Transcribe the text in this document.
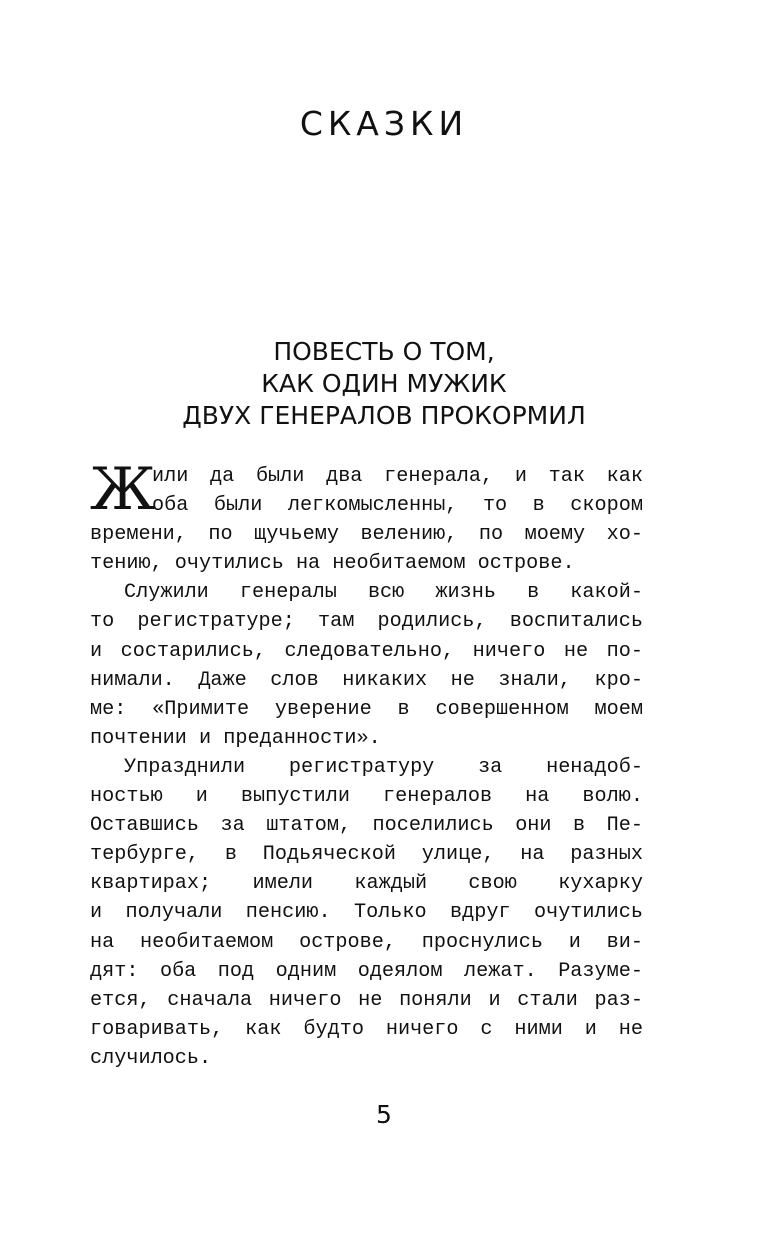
СКАЗКИ
ПОВЕСТЬ О ТОМ,
КАК ОДИН МУЖИК
ДВУХ ГЕНЕРАЛОВ ПРОКОРМИЛ
Ж
или да были два генерала, и так как
оба были легкомысленны, то в скором
времени, по щучьему велению, по моему хо-
тению, очутились на необитаемом острове.
Служили генералы всю жизнь в какой-
то регистратуре; там родились, воспитались
и состарились, следовательно, ничего не по-
нимали. Даже слов никаких не знали, кро-
ме: «Примите уверение в совершенном моем
почтении и преданности».
Упразднили регистратуру за ненадоб-
ностью и выпустили генералов на волю.
Оставшись за штатом, поселились они в Пе-
тербурге, в Подьяческой улице, на разных
квартирах; имели каждый свою кухарку
и получали пенсию. Только вдруг очутились
на необитаемом острове, проснулись и ви-
дят: оба под одним одеялом лежат. Разуме-
ется, сначала ничего не поняли и стали раз-
говаривать, как будто ничего с ними и не
случилось.
5
